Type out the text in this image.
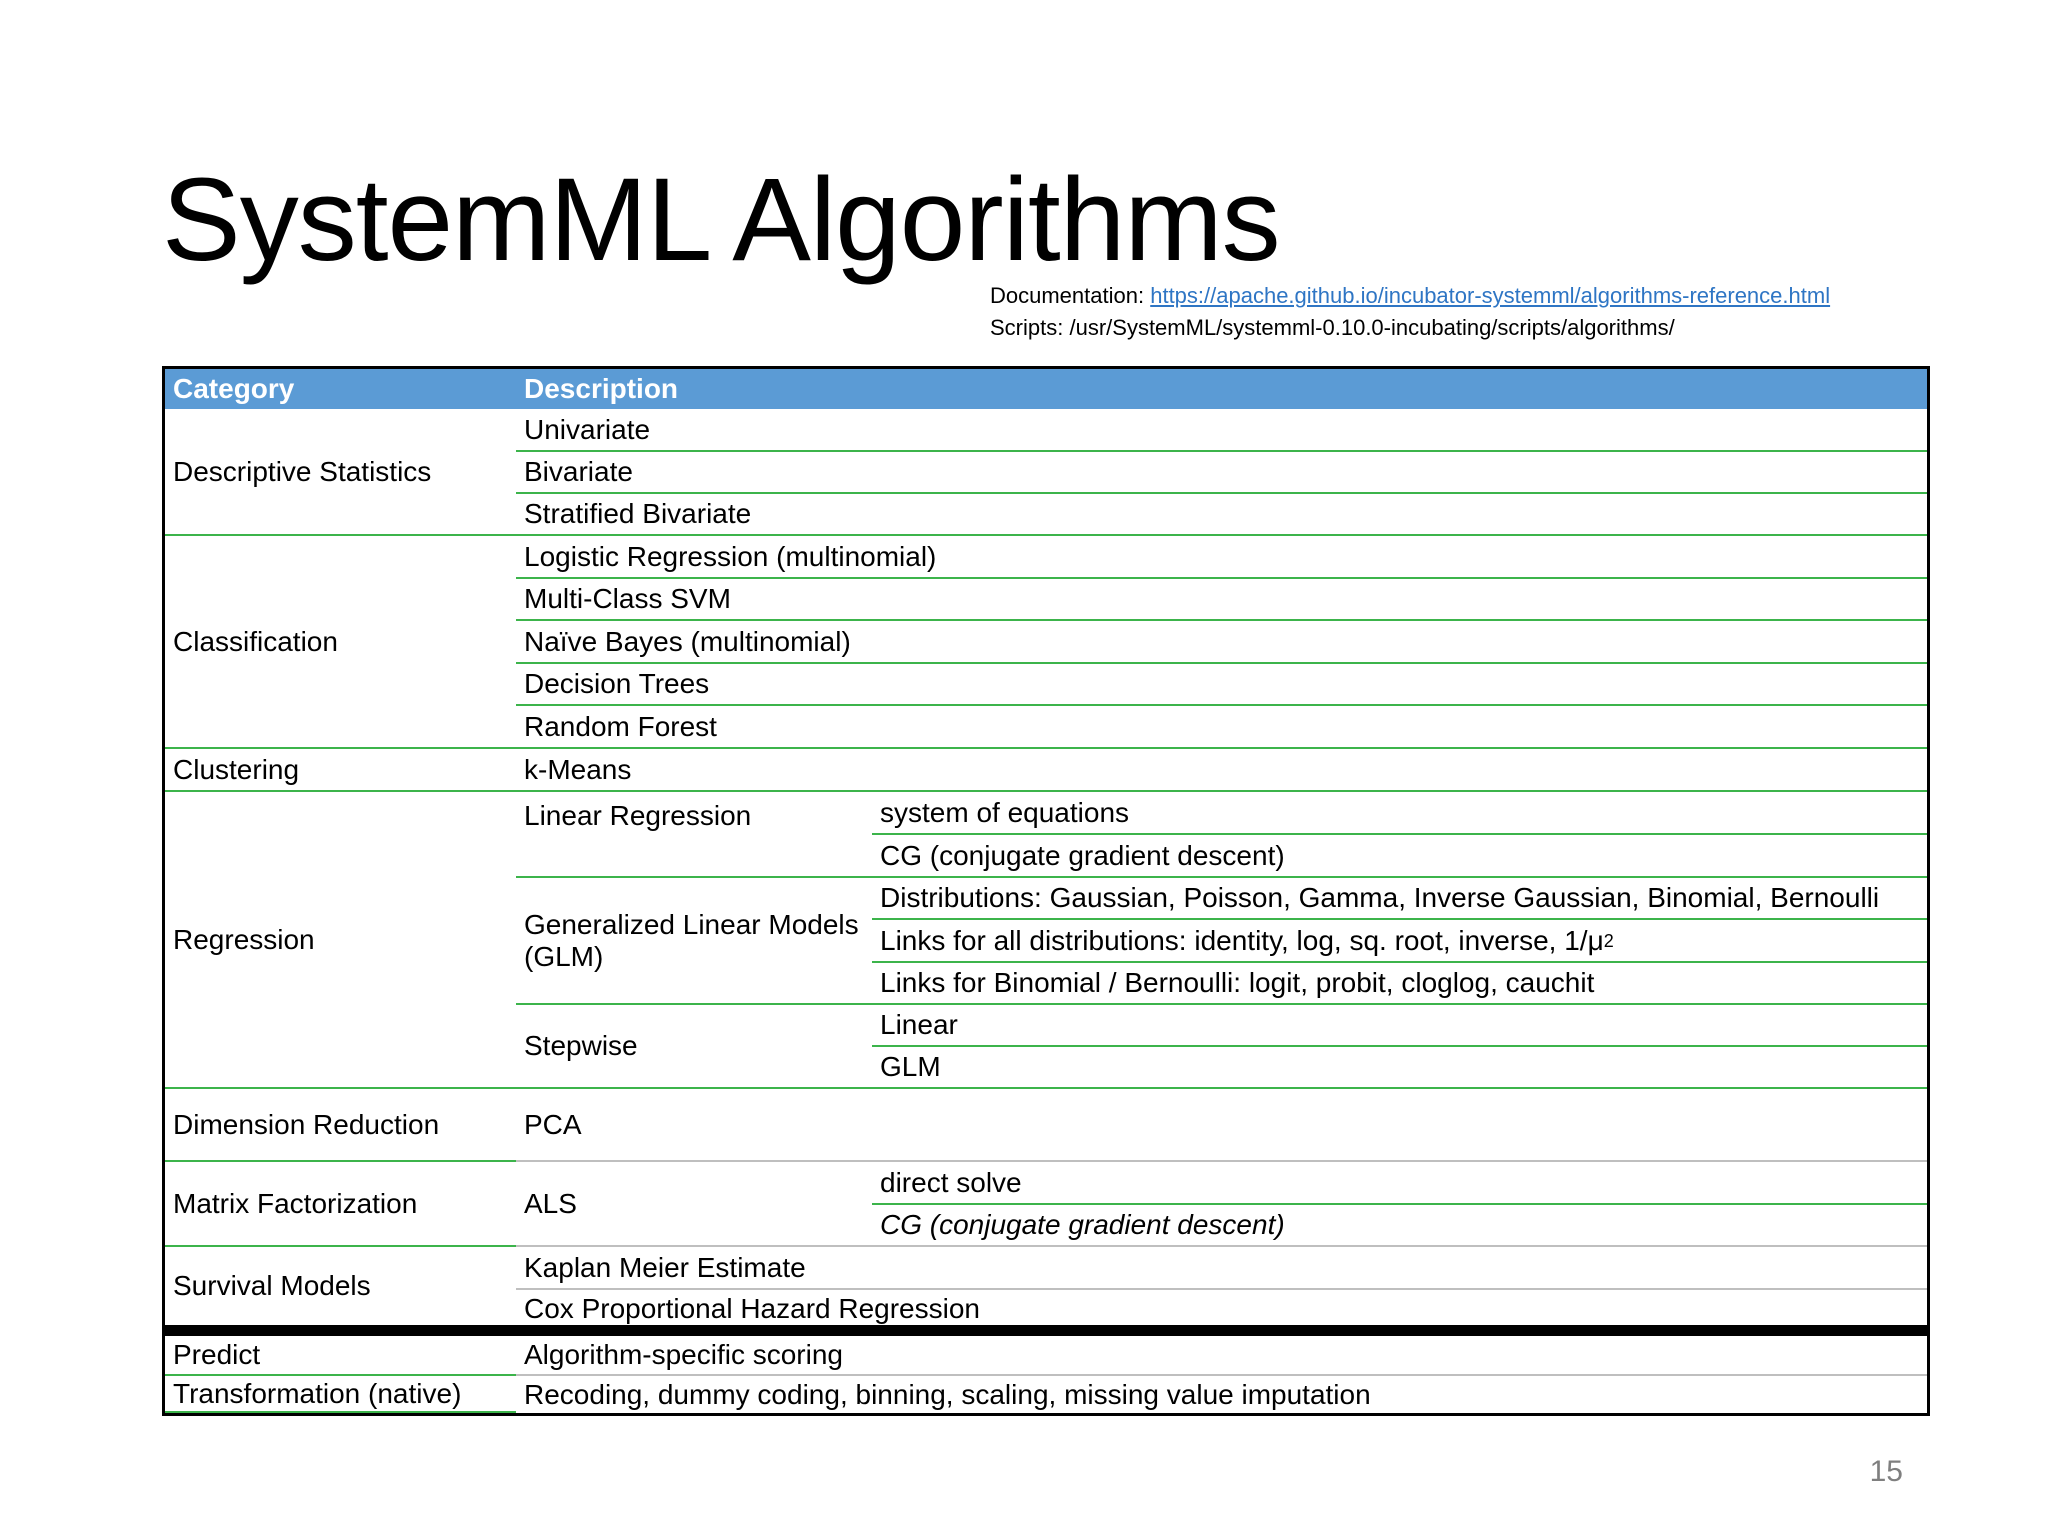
SystemML Algorithms
Documentation: https://apache.github.io/incubator-systemml/algorithms-reference.html
Scripts: /usr/SystemML/systemml-0.10.0-incubating/scripts/algorithms/
Category	Description
Descriptive Statistics
Classification
Clustering
Regression
Dimension Reduction
Matrix Factorization
Survival Models
Predict
Transformation (native)
Univariate
Bivariate
Stratified Bivariate
Logistic Regression (multinomial)
Multi-Class SVM
Naïve Bayes (multinomial)
Decision Trees
Random Forest
k-Means
Linear Regression	system of equations
CG (conjugate gradient descent)
Generalized Linear Models (GLM)
Distributions: Gaussian, Poisson, Gamma, Inverse Gaussian, Binomial, Bernoulli
Links for all distributions: identity, log, sq. root, inverse, 1/μ 2
Links for Binomial / Bernoulli: logit, probit, cloglog, cauchit
Stepwise
Linear
GLM
PCA
ALS
direct solve
CG (conjugate gradient descent)
Kaplan Meier Estimate
Cox Proportional Hazard Regression
Algorithm-specific scoring
Recoding, dummy coding, binning, scaling, missing value imputation
15
